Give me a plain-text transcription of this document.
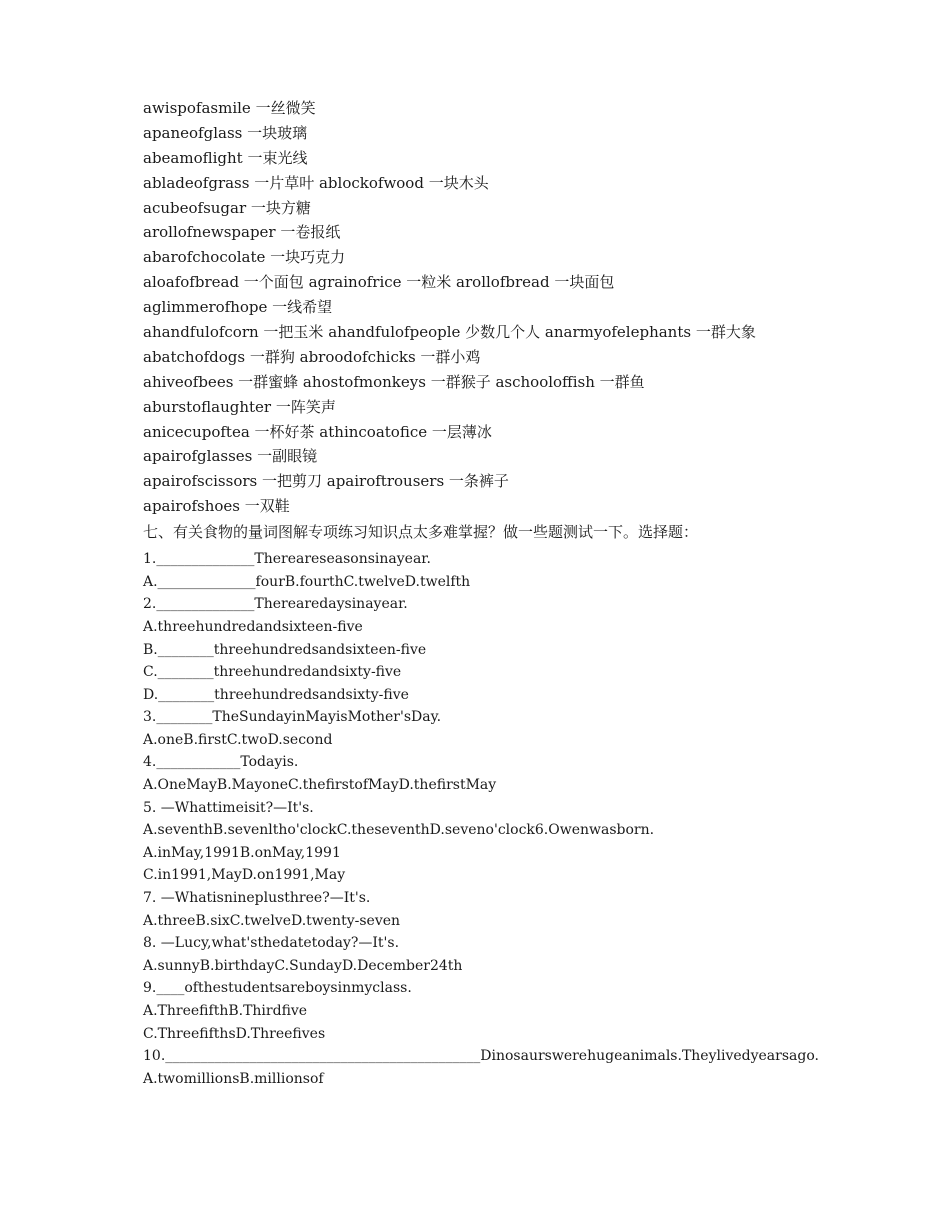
awispofasmile 一丝微笑
apaneofglass 一块玻璃
abeamoflight 一束光线
abladeofgrass 一片草叶 ablockofwood 一块木头
acubeofsugar 一块方糖
arollofnewspaper 一卷报纸
abarofchocolate 一块巧克力
aloafofbread 一个面包 agrainofrice 一粒米 arollofbread 一块面包
aglimmerofhope 一线希望
ahandfulofcorn 一把玉米 ahandfulofpeople 少数几个人 anarmyofelephants 一群大象
abatchofdogs 一群狗 abroodofchicks 一群小鸡
ahiveofbees 一群蜜蜂 ahostofmonkeys 一群猴子 aschooloffish 一群鱼
aburstoflaughter 一阵笑声
anicecupoftea 一杯好茶 athincoatofice 一层薄冰
apairofglasses 一副眼镜
apairofscissors 一把剪刀 apairoftrousers 一条裤子
apairofshoes 一双鞋
七、有关食物的量词图解专项练习知识点太多难掌握？做一些题测试一下。选择题：
1.______________Thereareseasonsinayear.
A.______________fourB.fourthC.twelveD.twelfth
2.______________Therearedaysinayear.
A.threehundredandsixteen-five
B.________threehundredsandsixteen-five
C.________threehundredandsixty-five
D.________threehundredsandsixty-five
3.________TheSundayinMayisMother'sDay.
A.oneB.firstC.twoD.second
4.____________Todayis.
A.OneMayB.MayoneC.thefirstofMayD.thefirstMay
5. —Whattimeisit?—It's.
A.seventhB.sevenltho'clockC.theseventhD.seveno'clock6.Owenwasborn.
A.inMay,1991B.onMay,1991
C.in1991,MayD.on1991,May
7. —Whatisnineplusthree?—It's.
A.threeB.sixC.twelveD.twenty-seven
8. —Lucy,what'sthedatetoday?—It's.
A.sunnyB.birthdayC.SundayD.December24th
9.____ofthestudentsareboysinmyclass.
A.ThreefifthB.Thirdfive
C.ThreefifthsD.Threefives
10._____________________________________________Dinosaurswerehugeanimals.Theylivedyearsago.
A.twomillionsB.millionsof
